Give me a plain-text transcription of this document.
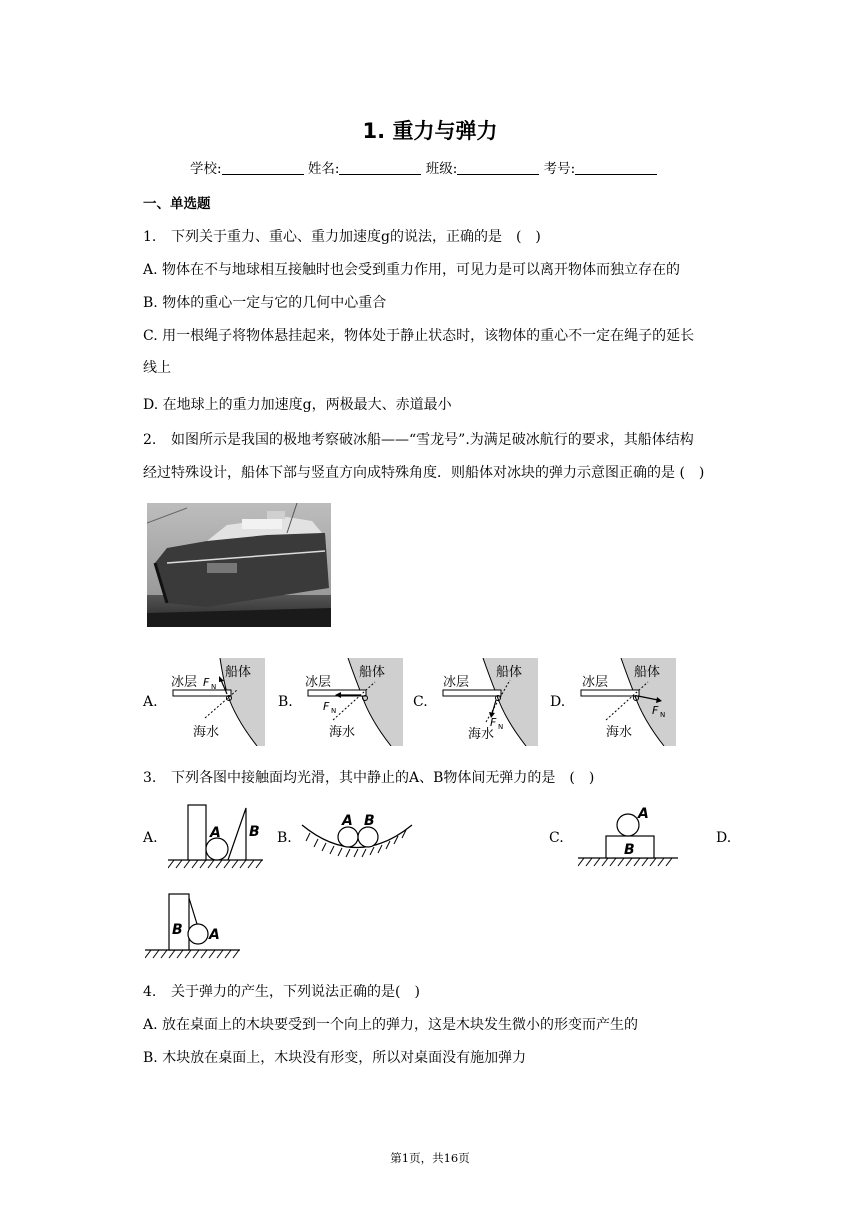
1. 重力与弹力
学校:	姓名:	班级:	考号:
一、单选题
1. 下列关于重力、重心、重力加速度g的说法，正确的是　(　)
A. 物体在不与地球相互接触时也会受到重力作用，可见力是可以离开物体而独立存在的
B. 物体的重心一定与它的几何中心重合
C. 用一根绳子将物体悬挂起来，物体处于静止状态时，该物体的重心不一定在绳子的延长
线上
D. 在地球上的重力加速度g，两极最大、赤道最小
2. 如图所示是我国的极地考察破冰船——“雪龙号”.为满足破冰航行的要求，其船体结构
经过特殊设计，船体下部与竖直方向成特殊角度．则船体对冰块的弹力示意图正确的是 (　)
A.	B.	C.	D.
冰层 F N
船体
海水
冰层
F N
船体
海水
冰层
F N
船体
海水
冰层
F N
船体
海水
3. 下列各图中接触面均光滑，其中静止的A、B物体间无弹力的是　(　)
A.	B.	C.	D.
A B
A B	A
B
B A
4. 关于弹力的产生，下列说法正确的是(　)
A. 放在桌面上的木块要受到一个向上的弹力，这是木块发生微小的形变而产生的
B. 木块放在桌面上，木块没有形变，所以对桌面没有施加弹力
第1页，共16页
